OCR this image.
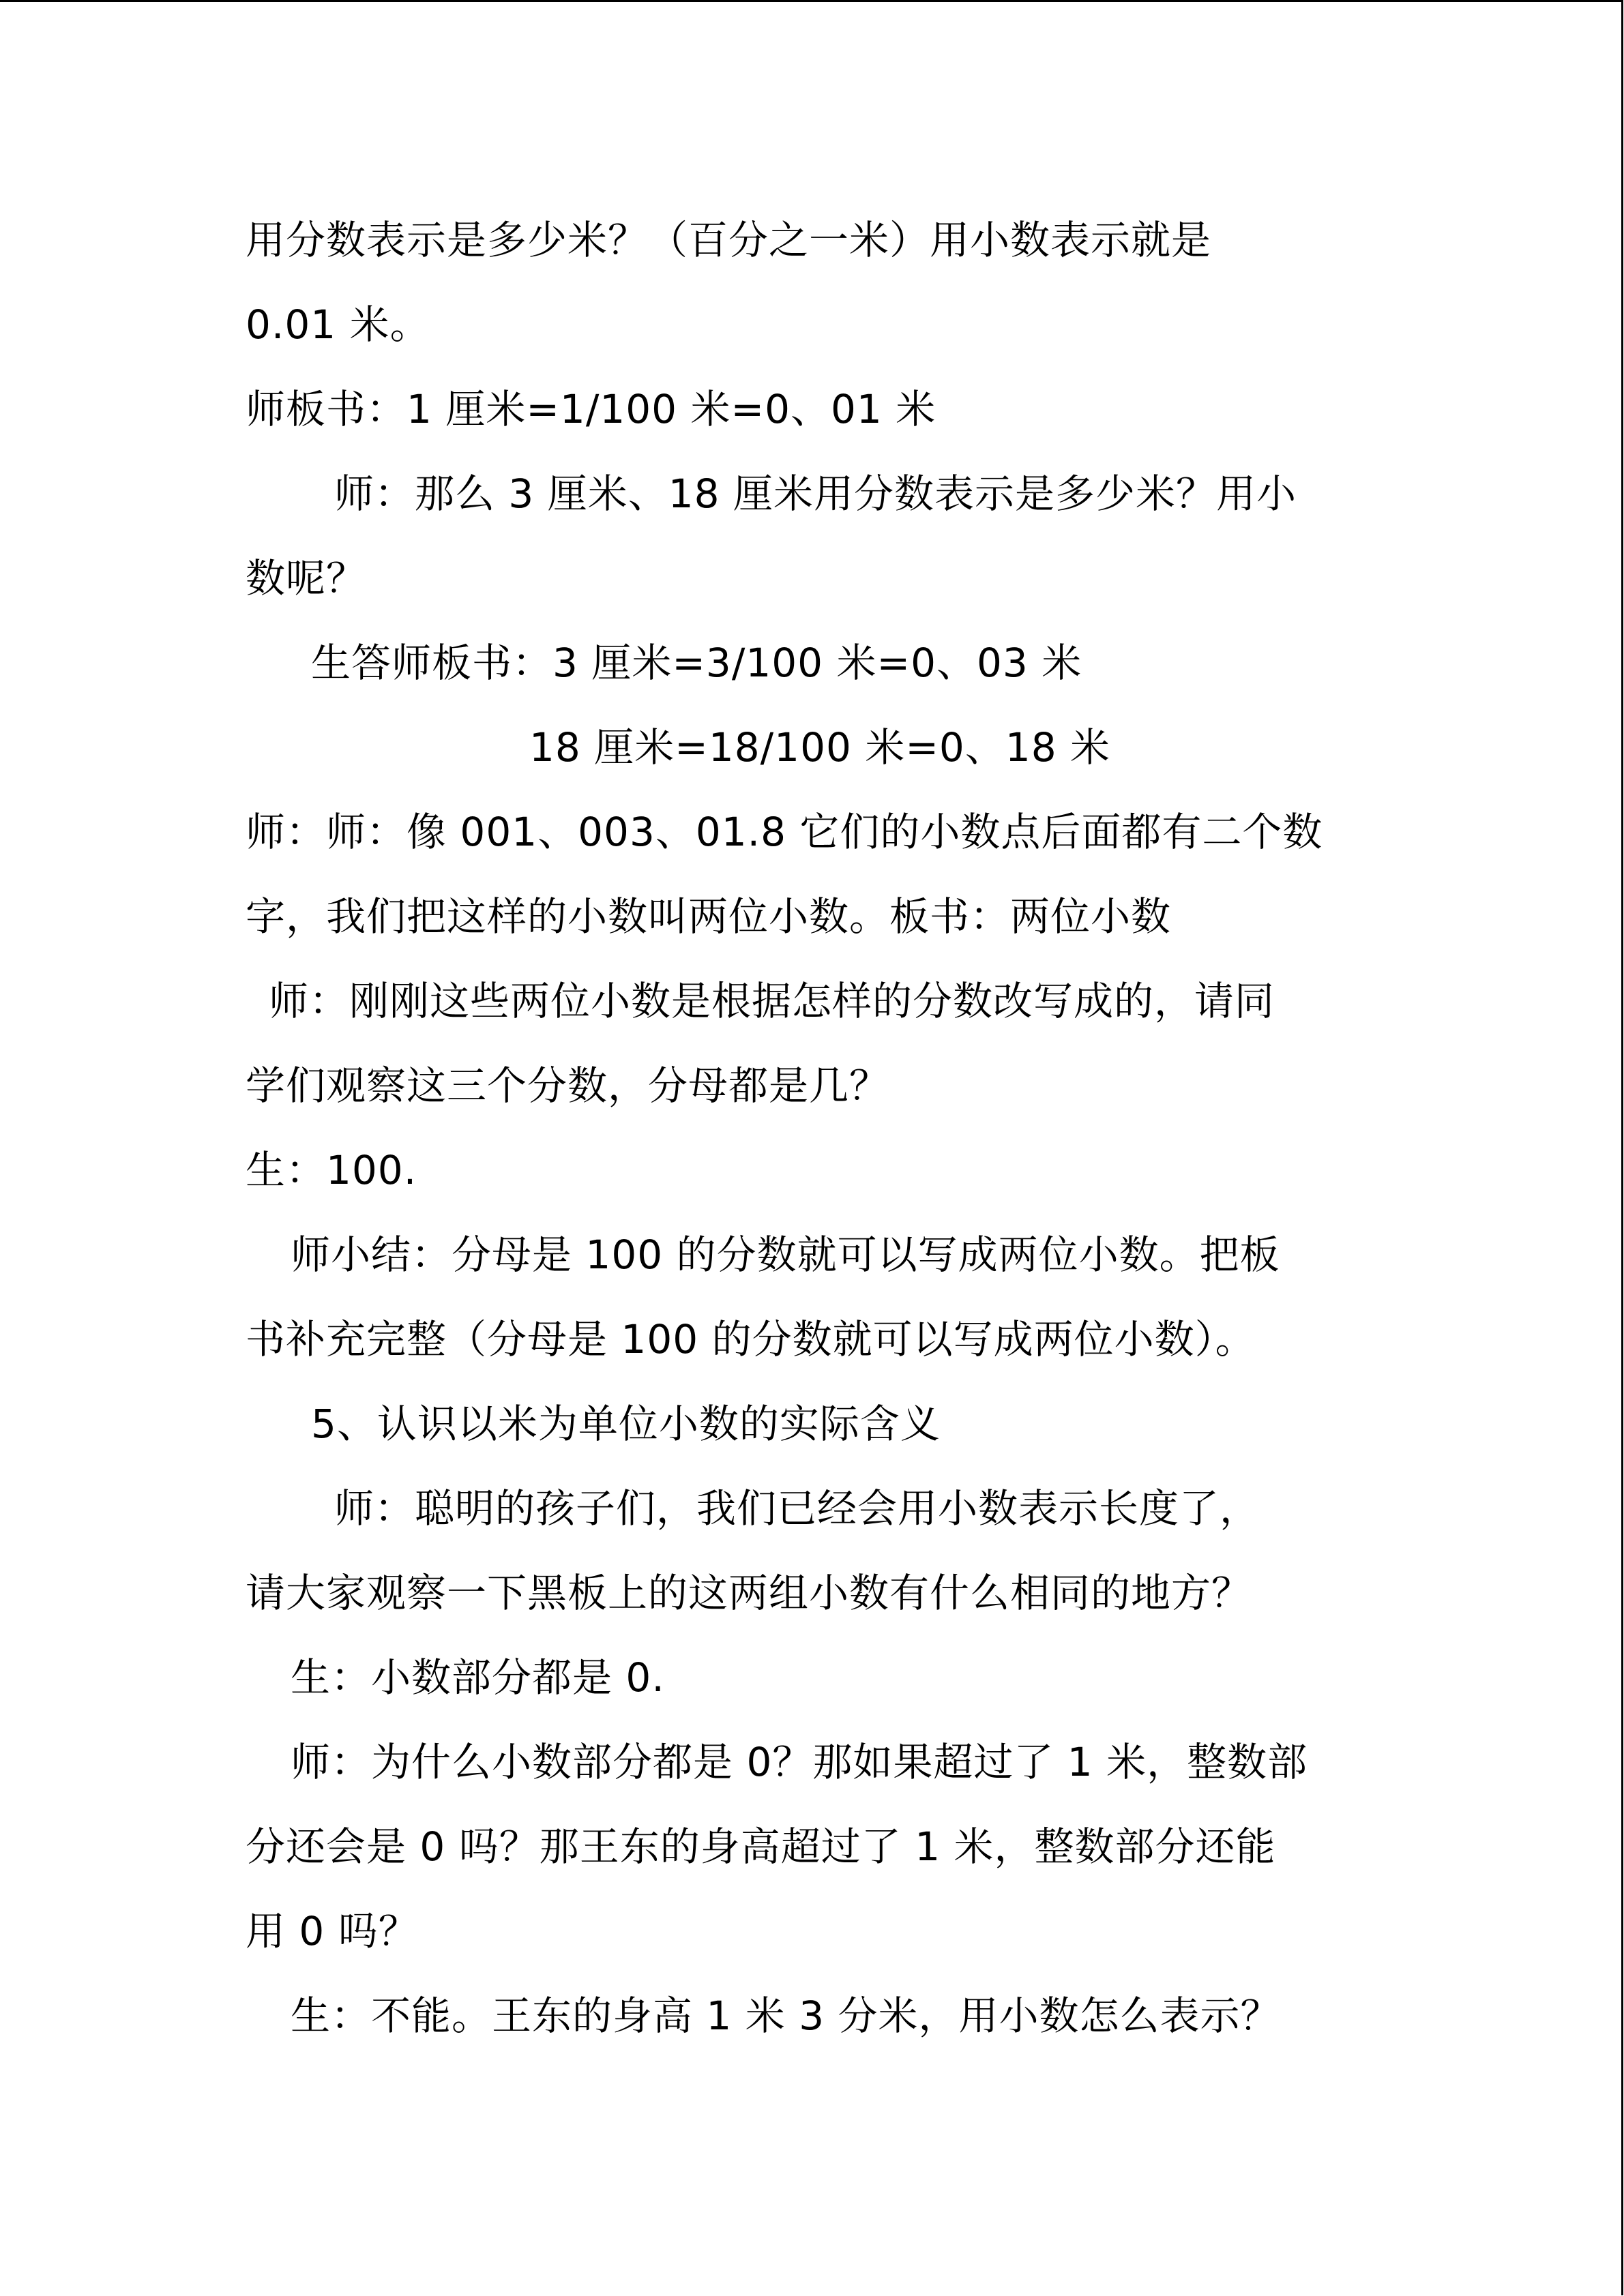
用分数表示是多少米？（百分之一米）用小数表示就是
0.01 米。
师板书：1 厘米=1/100 米=0、01 米
师：那么 3 厘米、18 厘米用分数表示是多少米？用小
数呢？
生答师板书：3 厘米=3/100 米=0、03 米
18 厘米=18/100 米=0、18 米
师：师：像 001、003、01.8 它们的小数点后面都有二个数
字，我们把这样的小数叫两位小数。板书：两位小数
师：刚刚这些两位小数是根据怎样的分数改写成的，请同
学们观察这三个分数，分母都是几？
生：100.
师小结：分母是 100 的分数就可以写成两位小数。把板
书补充完整（分母是 100 的分数就可以写成两位小数）。
5、认识以米为单位小数的实际含义
师：聪明的孩子们，我们已经会用小数表示长度了，
请大家观察一下黑板上的这两组小数有什么相同的地方？
生：小数部分都是 0.
师：为什么小数部分都是 0？那如果超过了 1 米，整数部
分还会是 0 吗？那王东的身高超过了 1 米，整数部分还能
用 0 吗？
生：不能。王东的身高 1 米 3 分米，用小数怎么表示？
